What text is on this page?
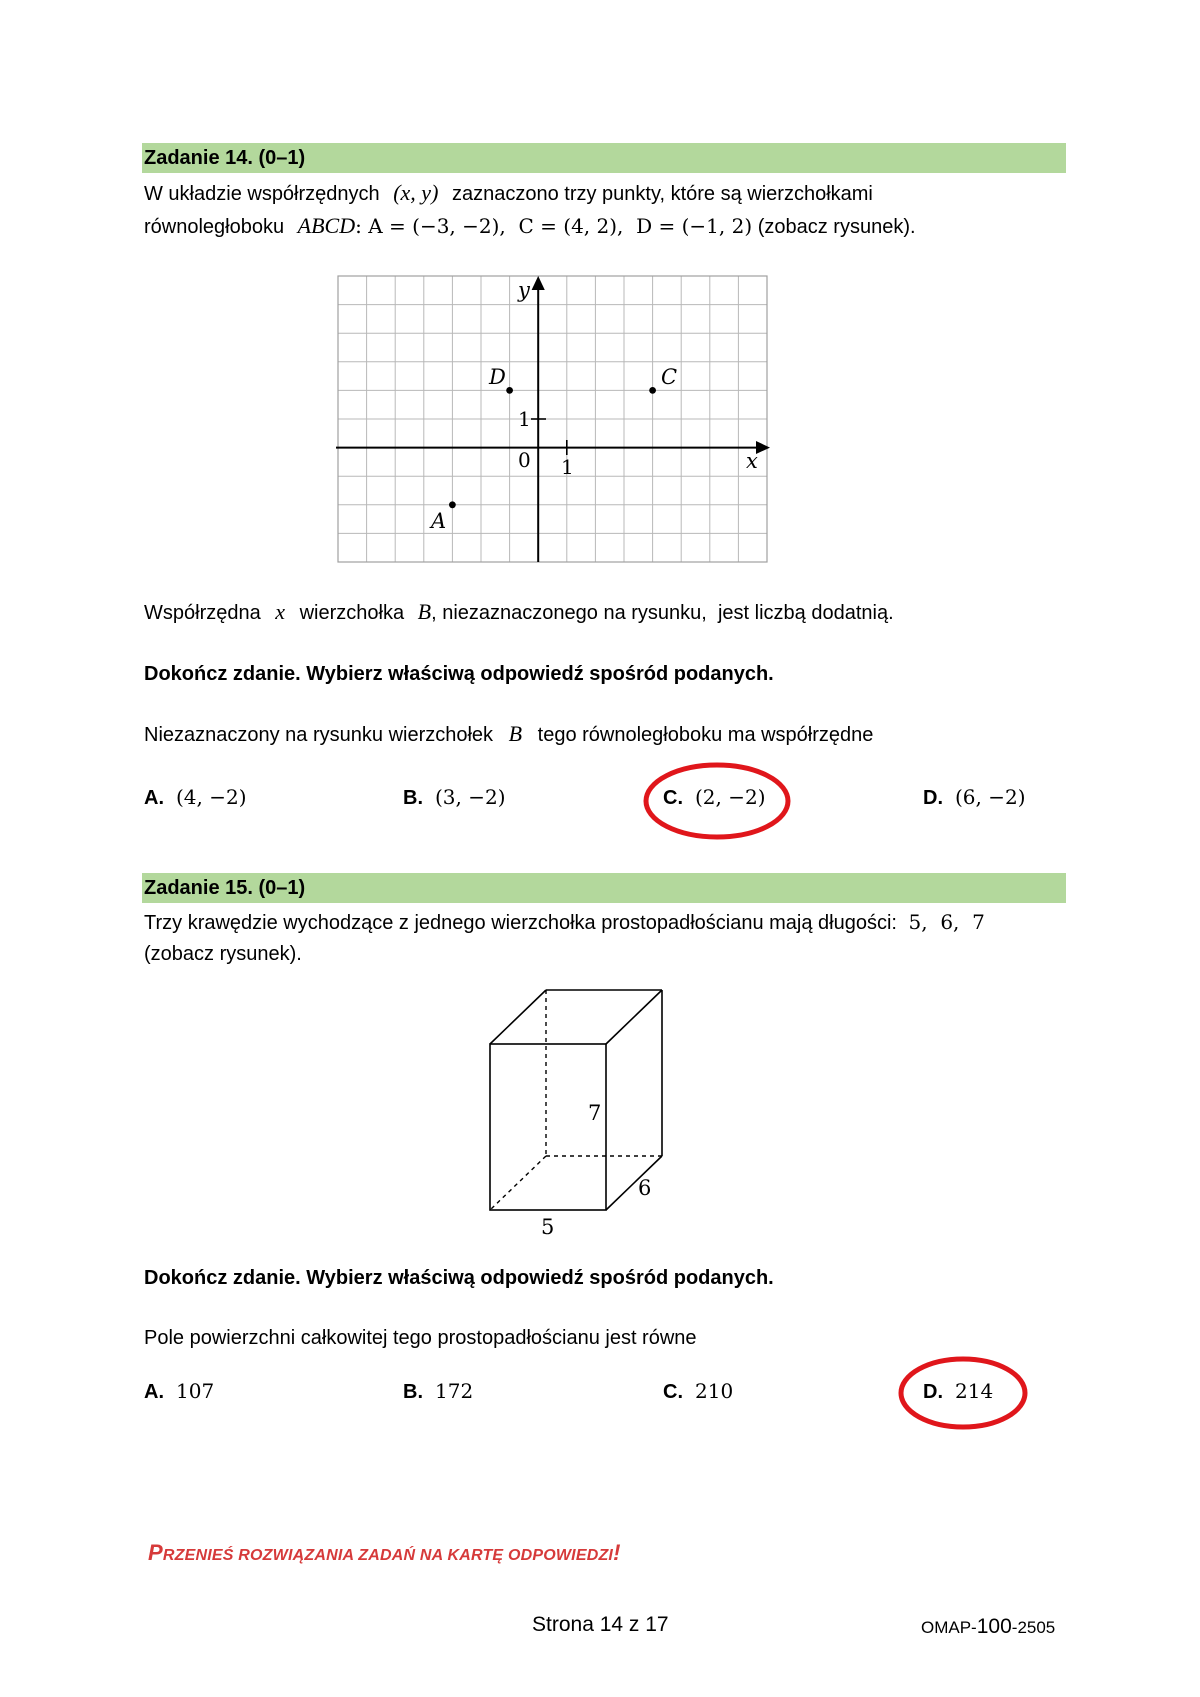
Zadanie 14. (0–1)
W układzie współrzędnych (x, y) zaznaczono trzy punkty, które są wierzchołkami
równoległoboku ABCD: A = (−3, −2),  C = (4, 2),  D = (−1, 2) (zobacz rysunek).
y
x
0 1
1
D	C
A
Współrzędna x wierzchołka B, niezaznaczonego na rysunku,  jest liczbą dodatnią.
Dokończ zdanie. Wybierz właściwą odpowiedź spośród podanych.
Niezaznaczony na rysunku wierzchołek B tego równoległoboku ma współrzędne
A. (4, −2)	B. (3, −2)	C. (2, −2)	D. (6, −2)
Zadanie 15. (0–1)
Trzy krawędzie wychodzące z jednego wierzchołka prostopadłościanu mają długości: 5,  6,  7
(zobacz rysunek).
7
6
5
Dokończ zdanie. Wybierz właściwą odpowiedź spośród podanych.
Pole powierzchni całkowitej tego prostopadłościanu jest równe
A. 107	B. 172	C. 210	D. 214
PRZENIEŚ ROZWIĄZANIA ZADAŃ NA KARTĘ ODPOWIEDZI!
Strona 14 z 17	OMAP-100-2505
